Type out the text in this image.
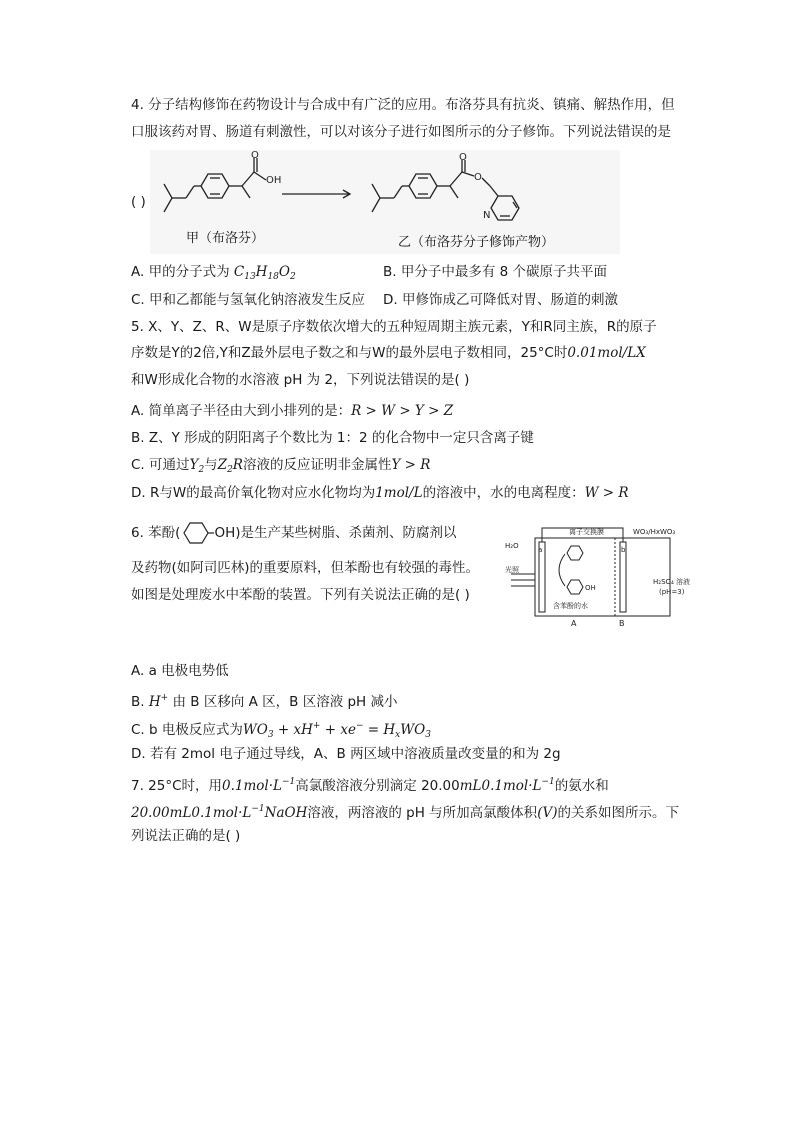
4. 分子结构修饰在药物设计与合成中有广泛的应用。布洛芬具有抗炎、镇痛、解热作用，但
口服该药对胃、肠道有刺激性，可以对该分子进行如图所示的分子修饰。下列说法错误的是
OH
O	O
O
N
甲（布洛芬）	乙（布洛芬分子修饰产物）
( )
A. 甲的分子式为 $C_{13}H_{18}O_2$	B. 甲分子中最多有 8 个碳原子共平面
C. 甲和乙都能与氢氧化钠溶液发生反应 D. 甲修饰成乙可降低对胃、肠道的刺激
5. X、Y、Z、R、W是原子序数依次增大的五种短周期主族元素，Y和R同主族，R的原子
序数是Y的2倍,Y和Z最外层电子数之和与W的最外层电子数相同，25°C时0.01mol/LX
和W形成化合物的水溶液 pH 为 2，下列说法错误的是( )
A. 简单离子半径由大到小排列的是：R > W > Y > Z
B. Z、Y 形成的阴阳离子个数比为 1：2 的化合物中一定只含离子键
C. 可通过$Y_2$与$Z_2R$溶液的反应证明非金属性Y > R
D. R与W的最高价氧化物对应水化物均为1mol/L的溶液中，水的电离程度：W > R
6. 苯酚(	OH)是生产某些树脂、杀菌剂、防腐剂以
及药物(如阿司匹林)的重要原料，但苯酚也有较强的毒性。
如图是处理废水中苯酚的装置。下列有关说法正确的是( )
离子交换膜
H₂O	a	b
光照
WO₃/HxWO₃
H₂SO₄ 溶液
(pH=3)
OH
含苯酚的水
A	B
A. a 电极电势低
B. H+ 由 B 区移向 A 区，B 区溶液 pH 减小
C. b 电极反应式为$WO_3 + xH^+ + xe^- = H_xWO_3$
D. 若有 2mol 电子通过导线，A、B 两区域中溶液质量改变量的和为 2g
7. 25°C时，用$0.1mol\cdot L^{-1}$高氯酸溶液分别滴定 $20.00mL0.1mol\cdot L^{-1}$的氨水和
$20.00mL0.1mol\cdot L^{-1}NaOH$溶液，两溶液的 pH 与所加高氯酸体积(V)的关系如图所示。下
列说法正确的是( )
